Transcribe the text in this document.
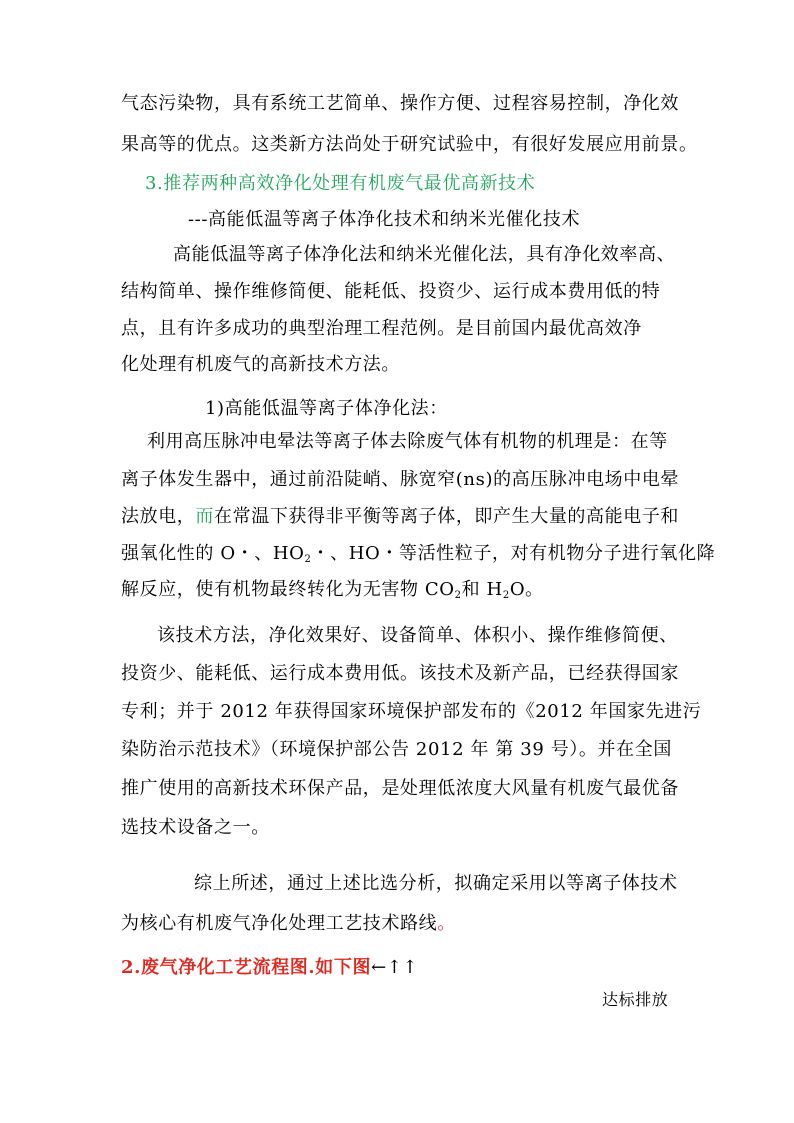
气态污染物，具有系统工艺简单、操作方便、过程容易控制，净化效
果高等的优点。这类新方法尚处于研究试验中，有很好发展应用前景。
3.推荐两种高效净化处理有机废气最优高新技术
---高能低温等离子体净化技术和纳米光催化技术
高能低温等离子体净化法和纳米光催化法，具有净化效率高、
结构简单、操作维修简便、能耗低、投资少、运行成本费用低的特
点，且有许多成功的典型治理工程范例。是目前国内最优高效净
化处理有机废气的高新技术方法。
1)高能低温等离子体净化法：
利用高压脉冲电晕法等离子体去除废气体有机物的机理是：在等
离子体发生器中，通过前沿陡峭、脉宽窄(ns)的高压脉冲电场中电晕
法放电，而在常温下获得非平衡等离子体，即产生大量的高能电子和
强氧化性的 O・、$HO_2$・、HO・等活性粒子，对有机物分子进行氧化降
解反应，使有机物最终转化为无害物 $CO_2$和 $H_2O$。
该技术方法，净化效果好、设备简单、体积小、操作维修简便、
投资少、能耗低、运行成本费用低。该技术及新产品，已经获得国家
专利；并于 2012 年获得国家环境保护部发布的《2012 年国家先进污
染防治示范技术》（环境保护部公告 2012 年 第 39 号）。并在全国
推广使用的高新技术环保产品，是处理低浓度大风量有机废气最优备
选技术设备之一。
综上所述，通过上述比选分析，拟确定采用以等离子体技术
为核心有机废气净化处理工艺技术路线。
2.废气净化工艺流程图.如下图←↑↑
达标排放
